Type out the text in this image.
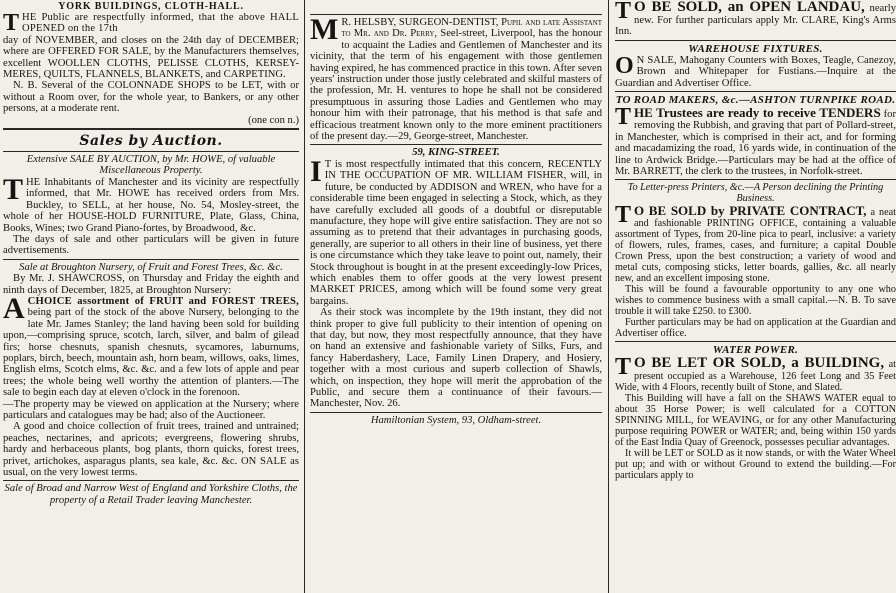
YORK BUILDINGS, CLOTH-HALL.

THE Public are respectfully informed, that the above HALL OPENED on the 17th

day of NOVEMBER, and closes on the 24th day of DECEMBER; where are OFFERED FOR SALE, by the Manufacturers themselves, excellent WOOLLEN CLOTHS, PELISSE CLOTHS, KERSEY-MERES, QUILTS, FLANNELS, BLANKETS, and CARPETING.

N. B. Several of the COLONNADE SHOPS to be LET, with or without a Room over, for the whole year, to Bankers, or any other persons, at a moderate rent.

(one con ⁠n.)

Sales by Auction.

Extensive SALE BY AUCTION, by Mr. HOWE, of valuable Miscellaneous Property.

THE Inhabitants of Manchester and its vicinity are respectfully informed, that Mr. HOWE has received orders from Mrs. Buckley, to SELL, at her house, No. 54, Mosley-street, the whole of her HOUSE-HOLD FURNITURE, Plate, Glass, China, Books, Wines; two Grand Piano-fortes, by Broadwood, &c.

The days of sale and other particulars will be given in future advertisements.

Sale at Broughton Nursery, of Fruit and Forest Trees, &c. &c.

By Mr. J. SHAWCROSS, on Thursday and Friday the eighth and ninth days of December, 1825, at Broughton Nursery:

ACHOICE assortment of FRUIT and FOREST TREES, being part of the stock of the above Nursery, belonging to the late Mr. James Stanley; the land having been sold for building upon,—comprising spruce, scotch, larch, silver, and balm of gilead firs; horse chesnuts, spanish chesnuts, sycamores, laburnums, poplars, birch, beech, mountain ash, horn beam, willows, oaks, limes, English elms, Scotch elms, &c. &c. and a few lots of apple and pear trees; the whole being well worthy the attention of planters.—The sale to begin each day at eleven o'clock in the forenoon.

—The property may be viewed on application at the Nursery; where particulars and catalogues may be had; also of the Auctioneer.

A good and choice collection of fruit trees, trained and untrained; peaches, nectarines, and apricots; evergreens, flowering shrubs, hardy and herbaceous plants, bog plants, thorn quicks, forest trees, privet, artichokes, asparagus plants, sea kale, &c. &c. ON SALE as usual, on the very lowest terms.

Sale of Broad and Narrow West of England and Yorkshire Cloths, the property of a Retail Trader leaving Manchester.

M R. HELSBY, SURGEON-DENTIST, Pupil and late Assistant to Mr. and Dr. Perry, Seel-street, Liverpool, has the honour to acquaint the Ladies and Gentlemen of Manchester and its vicinity, that the term of his engagement with those gentlemen having expired, he has commenced practice in this town. After seven years' instruction under those justly celebrated and skilful masters of the profession, Mr. H. ventures to hope he shall not be considered presumptuous in assuring those Ladies and Gentlemen who may honour him with their patronage, that his method is that safe and efficacious treatment known only to the more eminent practitioners of the present day.—29, George-street, Manchester.

59, KING-STREET.

I T is most respectfully intimated that this concern, RECENTLY IN THE OCCUPATION OF MR. WILLIAM FISHER, will, in future, be conducted by ADDISON and WREN, who have for a considerable time been engaged in selecting a Stock, which, as they have carefully excluded all goods of a doubtful or disreputable manufacture, they hope will give entire satisfaction. They are not so assuming as to pretend that their advantages in purchasing goods, generally, are superior to all others in their line of business, yet there is one circumstance which they take leave to point out, namely, their Stock throughout is bought in at the present exceedingly-low Prices, which enables them to offer goods at the very lowest present MARKET PRICES, among which will be found some very great bargains.

As their stock was incomplete by the 19th instant, they did not think proper to give full publicity to their intention of opening on that day, but now, they most respectfully announce, that they have on hand an extensive and fashionable variety of Silks, Furs, and fancy Haberdashery, Lace, Family Linen Drapery, and Hosiery, together with a most curious and superb collection of Shawls, which, on inspection, they hope will merit the approbation of the Public, and secure them a continuance of their favours.—Manchester, Nov. 26.

Hamiltonian System, 93, Oldham-street.

T O BE SOLD, an OPEN LANDAU, nearly new. For further particulars apply Mr. CLARE, King's Arms Inn.

WAREHOUSE FIXTURES.

O N SALE, Mahogany Counters with Boxes, Teagle, Canezoy, Brown and Whitepaper for Fustians.—Inquire at the Guardian and Advertiser Office.

TO ROAD MAKERS, &c.—ASHTON TURNPIKE ROAD.

THE Trustees are ready to receive TENDERS for removing the Rubbish, and graving that part of Pollard-street, in Manchester, which is comprised in their act, and for forming and macadamizing the road, 16 yards wide, in continuation of the line to Ardwick Bridge.—Particulars may be had at the office of Mr. BARRETT, the clerk to the trustees, in Norfolk-street.

To Letter-press Printers, &c.—A Person declining the Printing Business.

T O BE SOLD by PRIVATE CONTRACT, a neat and fashionable PRINTING OFFICE, containing a valuable assortment of Types, from 20-line pica to pearl, inclusive: a variety of flowers, rules, frames, cases, and furniture; a capital Double Crown Press, upon the best construction; a variety of wood and metal cuts, composing sticks, letter boards, gallies, &c. all nearly new, and an excellent imposing stone.

This will be found a favourable opportunity to any one who wishes to commence business with a small capital.—N. B. To save trouble it will take £250. to £300.

Further particulars may be had on application at the Guardian and Advertiser office.

WATER POWER.

T O BE LET OR SOLD, a BUILDING, at present occupied as a Warehouse, 126 feet Long and 35 Feet Wide, with 4 Floors, recently built of Stone, and Slated.

This Building will have a fall on the SHAWS WATER equal to about 35 Horse Power; is well calculated for a COTTON SPINNING MILL, for WEAVING, or for any other Manufacturing purpose requiring POWER or WATER; and, being within 150 yards of the East India Quay of Greenock, possesses peculiar advantages.

It will be LET or SOLD as it now stands, or with the Water Wheel put up; and with or without Ground to extend the building.—For particulars apply to
